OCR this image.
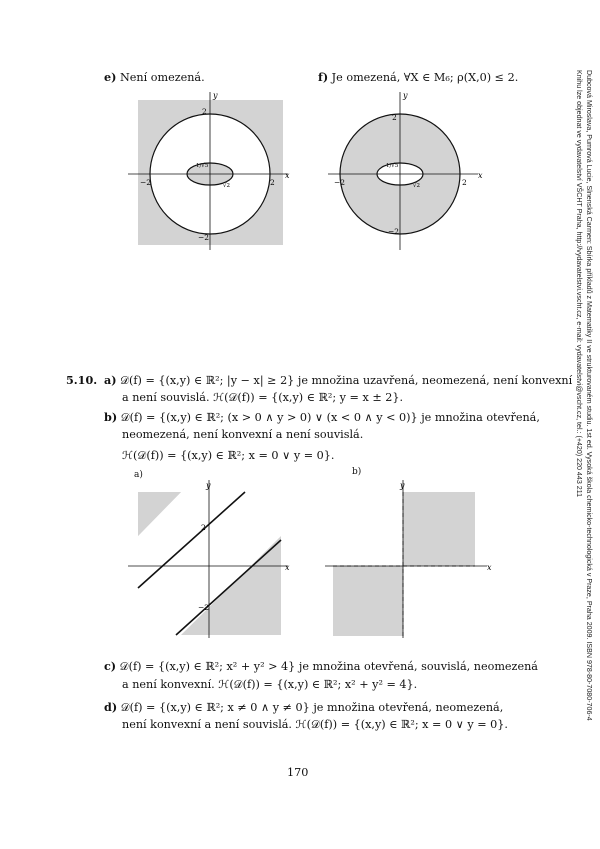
e) Není omezená.	f) Je omezená, ∀X ∈ M₆; ρ(X,0) ≤ 2.
x
y
2
−2
2
−2
1/√5
√2
x
y
2
−2
2
−2
1/√5
√2
5.10. a) 𝒟(f) = {(x,y) ∈ ℝ²; |y − x| ≥ 2} je množina uzavřená, neomezená, není konvexní
a není souvislá. ℋ(𝒟(f)) = {(x,y) ∈ ℝ²; y = x ± 2}.
b) 𝒟(f) = {(x,y) ∈ ℝ²; (x > 0 ∧ y > 0) ∨ (x < 0 ∧ y < 0)} je množina otevřená,
neomezená, není konvexní a není souvislá.
ℋ(𝒟(f)) = {(x,y) ∈ ℝ²; x = 0 ∨ y = 0}.
a)	b)
x
y
2
−2
x
y
c) 𝒟(f) = {(x,y) ∈ ℝ²; x² + y² > 4} je množina otevřená, souvislá, neomezená
a není konvexní. ℋ(𝒟(f)) = {(x,y) ∈ ℝ²; x² + y² = 4}.
d) 𝒟(f) = {(x,y) ∈ ℝ²; x ≠ 0 ∧ y ≠ 0} je množina otevřená, neomezená,
není konvexní a není souvislá. ℋ(𝒟(f)) = {(x,y) ∈ ℝ²; x = 0 ∨ y = 0}.
170
Dubcová Miroslava, Pumrová Lucie, Slnenská Carmen: Sbírka příkladů z Matematiky II ve strukturovaném studiu. 1st ed. Vysoká škola chemicko-technologická v Praze, Praha 2009. ISBN 978-80-7080-706-4
Knihu lze objednat ve vydavatelství VŠCHT Praha, http://vydavatelstvi.vscht.cz, e-mail: vydavatelstvi@vscht.cz, tel.: (+420) 220 443 211
